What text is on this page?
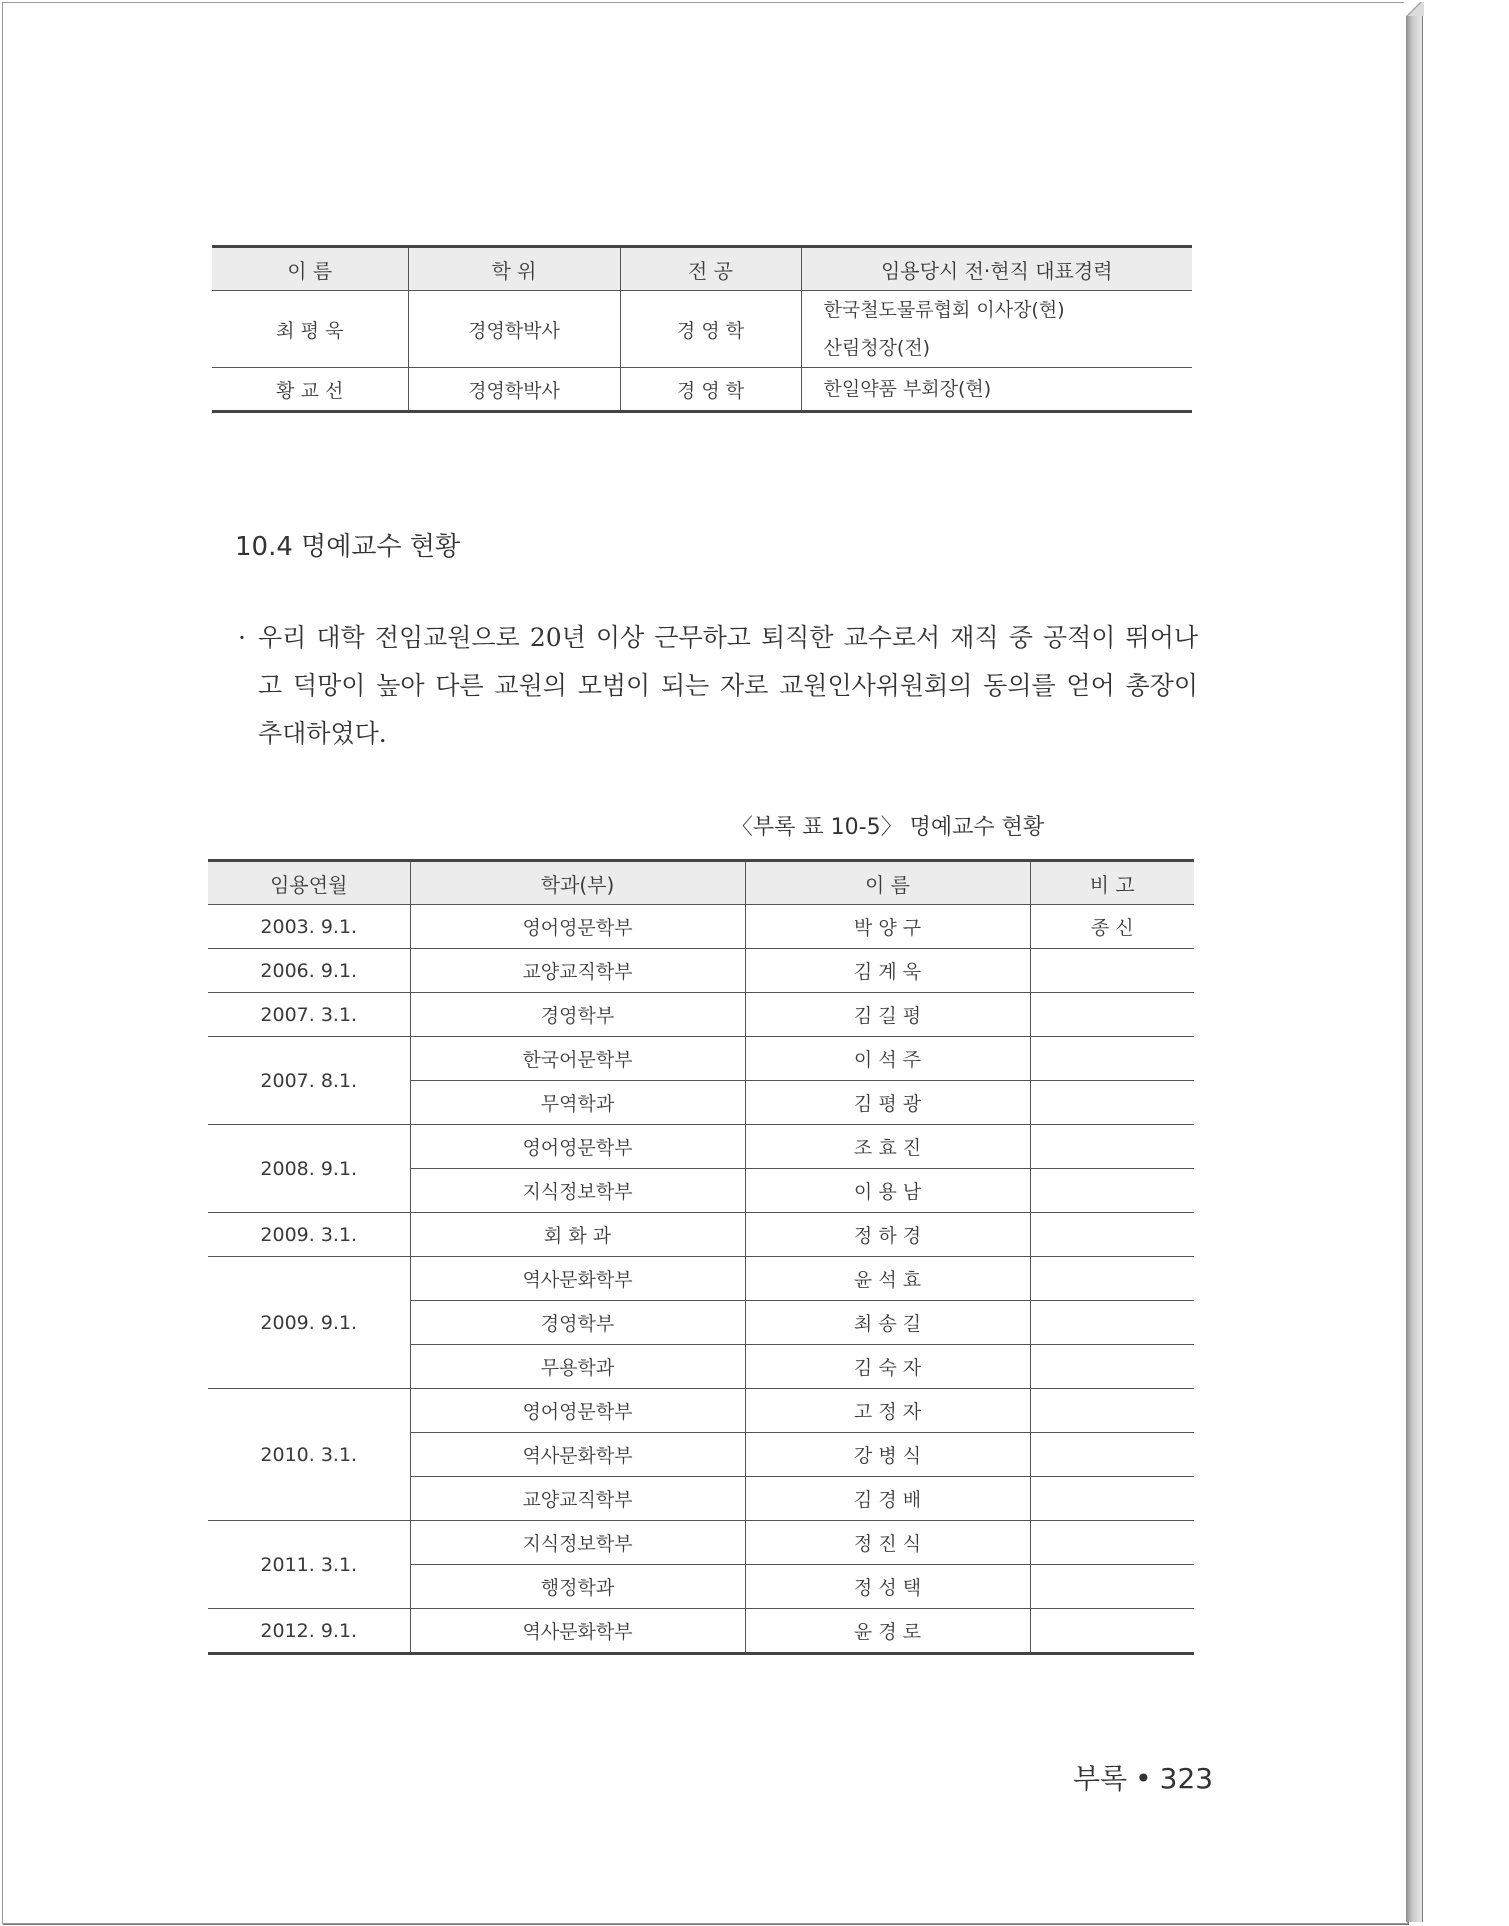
이 름	학 위	전 공	임용당시 전·현직 대표경력
최 평 욱	경영학박사	경 영 학	한국철도물류협회 이사장(현)
산림청장(전)

황 교 선	경영학박사	경 영 학	한일약품 부회장(현)
10.4 명예교수 현황
· 우리 대학 전임교원으로 20년 이상 근무하고 퇴직한 교수로서 재직 중 공적이 뛰어나고 덕망이 높아 다른 교원의 모범이 되는 자로 교원인사위원회의 동의를 얻어 총장이 추대하였다.
〈부록 표 10-5〉 명예교수 현황
임용연월	학과(부)	이 름	비 고
2003. 9.1.	영어영문학부	박 양 구	종 신
2006. 9.1.	교양교직학부	김 계 욱	
2007. 3.1.	경영학부	김 길 평	
2007. 8.1.	한국어문학부	이 석 주	
	무역학과	김 평 광	
2008. 9.1.	영어영문학부	조 효 진	
	지식정보학부	이 용 남	
2009. 3.1.	회 화 과	정 하 경	
2009. 9.1.	역사문화학부	윤 석 효	
	경영학부	최 송 길	
	무용학과	김 숙 자	
2010. 3.1.	영어영문학부	고 정 자	
	역사문화학부	강 병 식	
	교양교직학부	김 경 배	
2011. 3.1.	지식정보학부	정 진 식	
	행정학과	정 성 택	
2012. 9.1.	역사문화학부	윤 경 로	
부록 • 323
